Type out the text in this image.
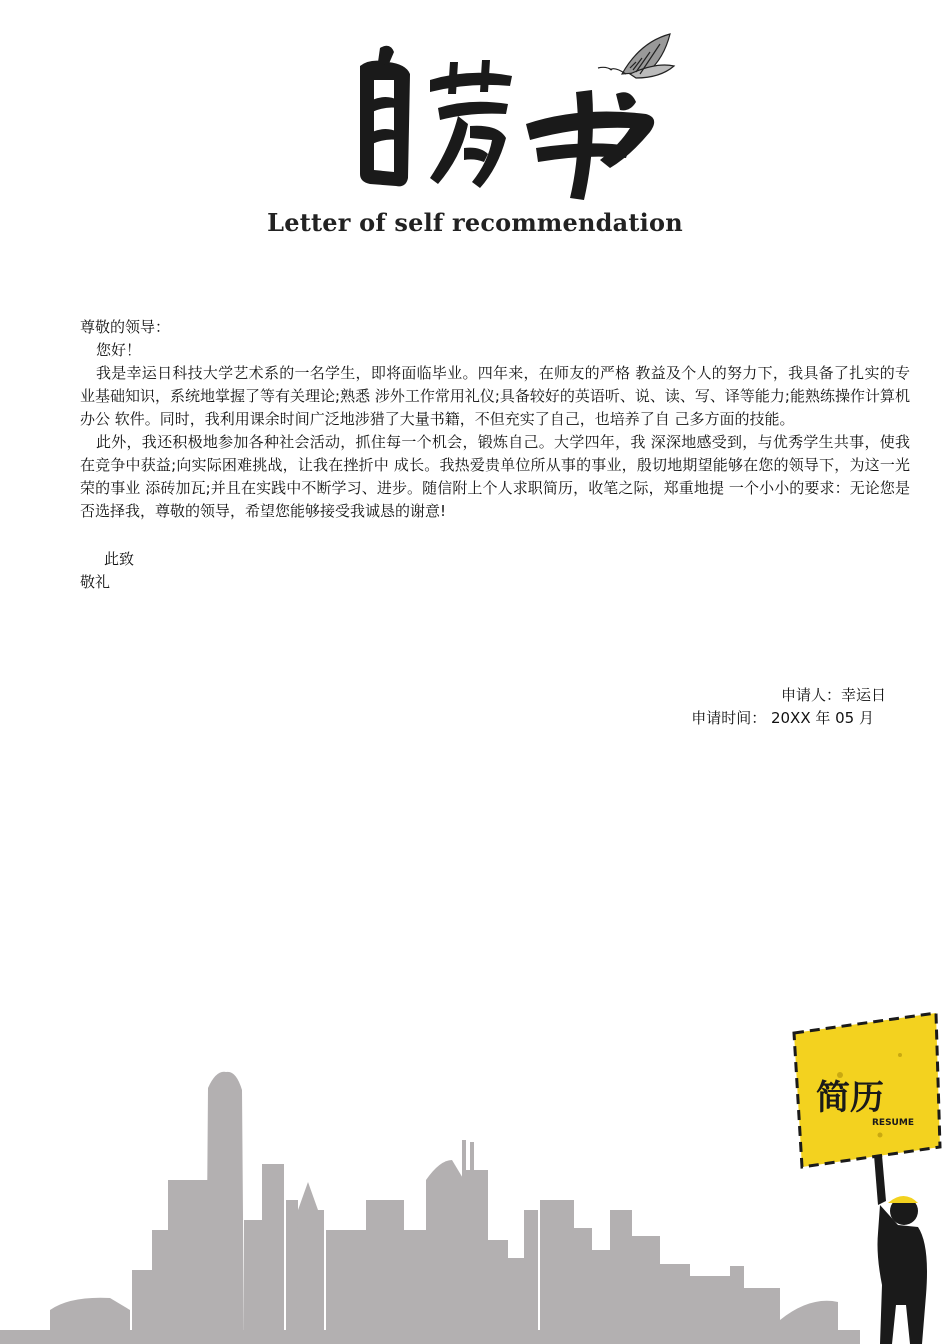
Letter of self recommendation

尊敬的领导：

您好！

我是幸运日科技大学艺术系的一名学生，即将面临毕业。四年来，在师友的严格 教益及个人的努力下，我具备了扎实的专业基础知识，系统地掌握了等有关理论;熟悉 涉外工作常用礼仪;具备较好的英语听、说、读、写、译等能力;能熟练操作计算机办公 软件。同时，我利用课余时间广泛地涉猎了大量书籍，不但充实了自己，也培养了自 己多方面的技能。

此外，我还积极地参加各种社会活动，抓住每一个机会，锻炼自己。大学四年，我 深深地感受到，与优秀学生共事，使我在竞争中获益;向实际困难挑战，让我在挫折中 成长。我热爱贵单位所从事的事业，殷切地期望能够在您的领导下，为这一光荣的事业 添砖加瓦;并且在实践中不断学习、进步。随信附上个人求职简历，收笔之际，郑重地提 一个小小的要求：无论您是否选择我，尊敬的领导，希望您能够接受我诚恳的谢意!

此致

敬礼

申请人：幸运日
申请时间： 20XX 年 05 月
简历
RESUME
